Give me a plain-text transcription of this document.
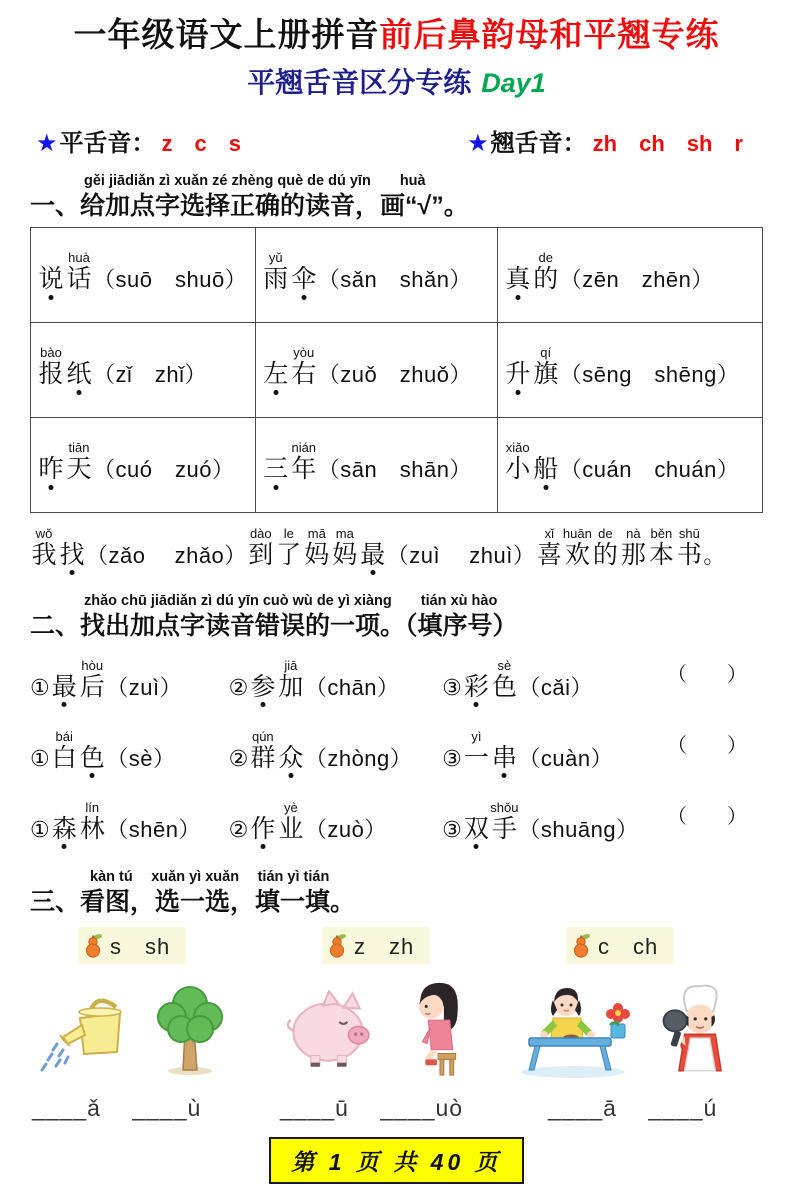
一年级语文上册拼音前后鼻韵母和平翘专练
平翘舌音区分专练 Day1
★ 平舌音： z　c　s	★ 翘舌音： zh　ch　sh　r
gěi jiādiǎn zì xuǎn zé zhèng què de dú yīn　　huà
一、给加点字选择正确的读音，画“√”。
说 话
huà
（suō　shuō）	雨
yǔ
伞
（sǎn　shǎn）	真 的
de
（zēn　zhēn）

报
bào
纸
（zǐ　zhǐ）	左 右
yòu
（zuǒ　zhuǒ）	升 旗
qí
（sēng　shēng）

昨 天
tiān
（cuó　zuó）	三 年
nián
（sān　shān）	小
xiǎo
船
（cuán　chuán）
我
wǒ
找
（zǎo　 zhǎo）到
dào
了
le
妈
mā
妈
ma
最
（zuì　 zhuì）喜
xǐ
欢
huān
的
de
那
nà
本
běn
书
shū
。
zhǎo chū jiādiǎn zì dú yīn cuò wù de yì xiàng　　tián xù hào
二、找出加点字读音错误的一项。（填序号）
①最 后
hòu
（zuì）	②参 加
jiā
（chān）	③彩 色
sè
（cǎi）	（　　）
①白
bái
色
（sè）	②群
qún
众
（zhòng）	③一
yì
串
（cuàn）	（　　）
①森 林
lín
（shēn）	②作 业
yè
（zuò）	③双 手
shǒu
（shuāng）	（　　）
kàn tú　 xuǎn yì xuǎn　 tián yì tián
三、看图，选一选，填一填。
s　sh
____ǎ　 ____ù
z　zh
____ū　 ____uò
c　ch
____ā　 ____ú
第 1 页 共 40 页
